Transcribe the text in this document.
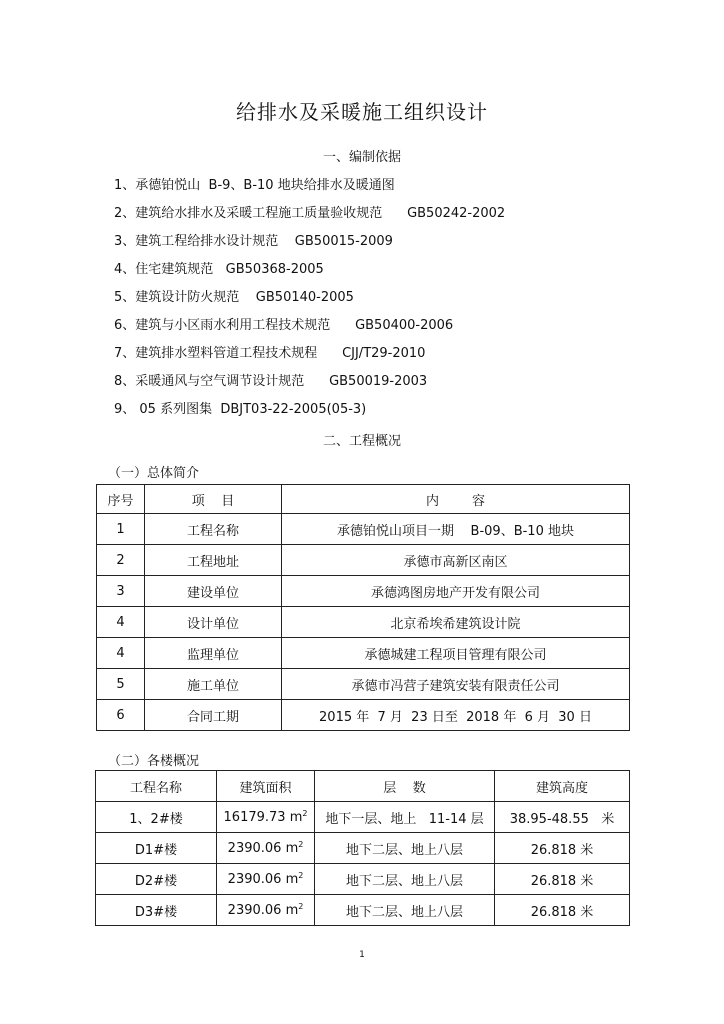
给排水及采暖施工组织设计
一、编制依据
1、承德铂悦山  B-9、B-10 地块给排水及暖通图
2、建筑给水排水及采暖工程施工质量验收规范      GB50242-2002
3、建筑工程给排水设计规范    GB50015-2009
4、住宅建筑规范   GB50368-2005
5、建筑设计防火规范    GB50140-2005
6、建筑与小区雨水利用工程技术规范      GB50400-2006
7、建筑排水塑料管道工程技术规程      CJJ/T29-2010
8、采暖通风与空气调节设计规范      GB50019-2003
9、 05 系列图集  DBJT03-22-2005(05-3)
二、工程概况
（一）总体简介
序号	项    目	内        容
1	工程名称	承德铂悦山项目一期    B-09、B-10 地块
2	工程地址	承德市高新区南区
3	建设单位	承德鸿图房地产开发有限公司
4	设计单位	北京希埃希建筑设计院
4	监理单位	承德城建工程项目管理有限公司
5	施工单位	承德市冯营子建筑安装有限责任公司
6	合同工期	2015 年  7 月  23 日至  2018 年  6 月  30 日
（二）各楼概况
工程名称	建筑面积	层    数	建筑高度
1、2#楼	16179.73 $m^2$	地下一层、地上   11-14 层	38.95-48.55   米
D1#楼	2390.06 $m^2$	地下二层、地上八层	26.818 米
D2#楼	2390.06 $m^2$	地下二层、地上八层	26.818 米
D3#楼	2390.06 $m^2$	地下二层、地上八层	26.818 米
1
